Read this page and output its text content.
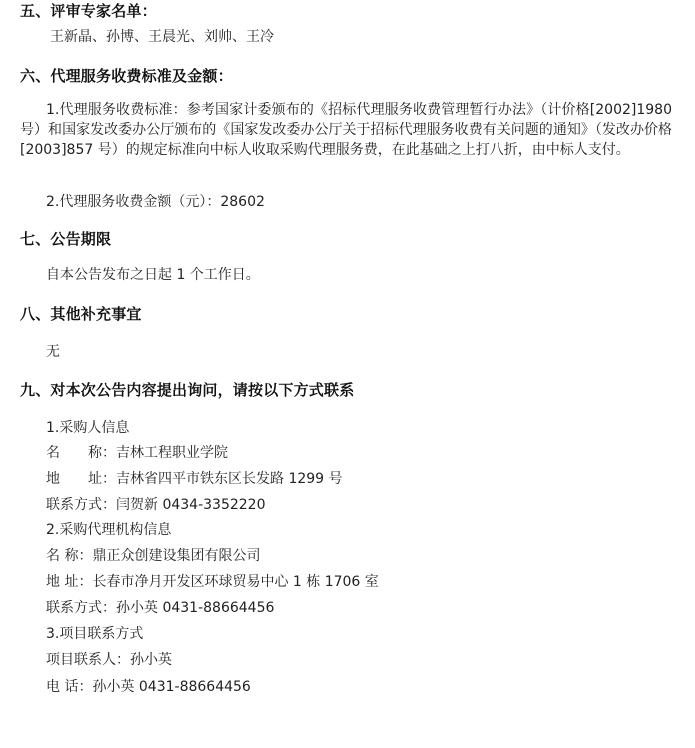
五、评审专家名单：
王新晶、孙博、王晨光、刘帅、王冷
六、代理服务收费标准及金额：
1.代理服务收费标准：参考国家计委颁布的《招标代理服务收费管理暂行办法》（计价格[2002]1980 号）和国家发改委办公厅颁布的《国家发改委办公厅关于招标代理服务收费有关问题的通知》（发改办价格[2003]857 号）的规定标准向中标人收取采购代理服务费，在此基础之上打八折，由中标人支付。
2.代理服务收费金额（元）：28602
七、公告期限
自本公告发布之日起 1 个工作日。
八、其他补充事宜
无
九、对本次公告内容提出询问，请按以下方式联系
1.采购人信息
名　　称：吉林工程职业学院
地　　址：吉林省四平市铁东区长发路 1299 号
联系方式：闫贺新 0434-3352220
2.采购代理机构信息
名 称：鼎正众创建设集团有限公司
地 址：长春市净月开发区环球贸易中心 1 栋 1706 室
联系方式：孙小英 0431-88664456
3.项目联系方式
项目联系人：孙小英
电 话：孙小英 0431-88664456
